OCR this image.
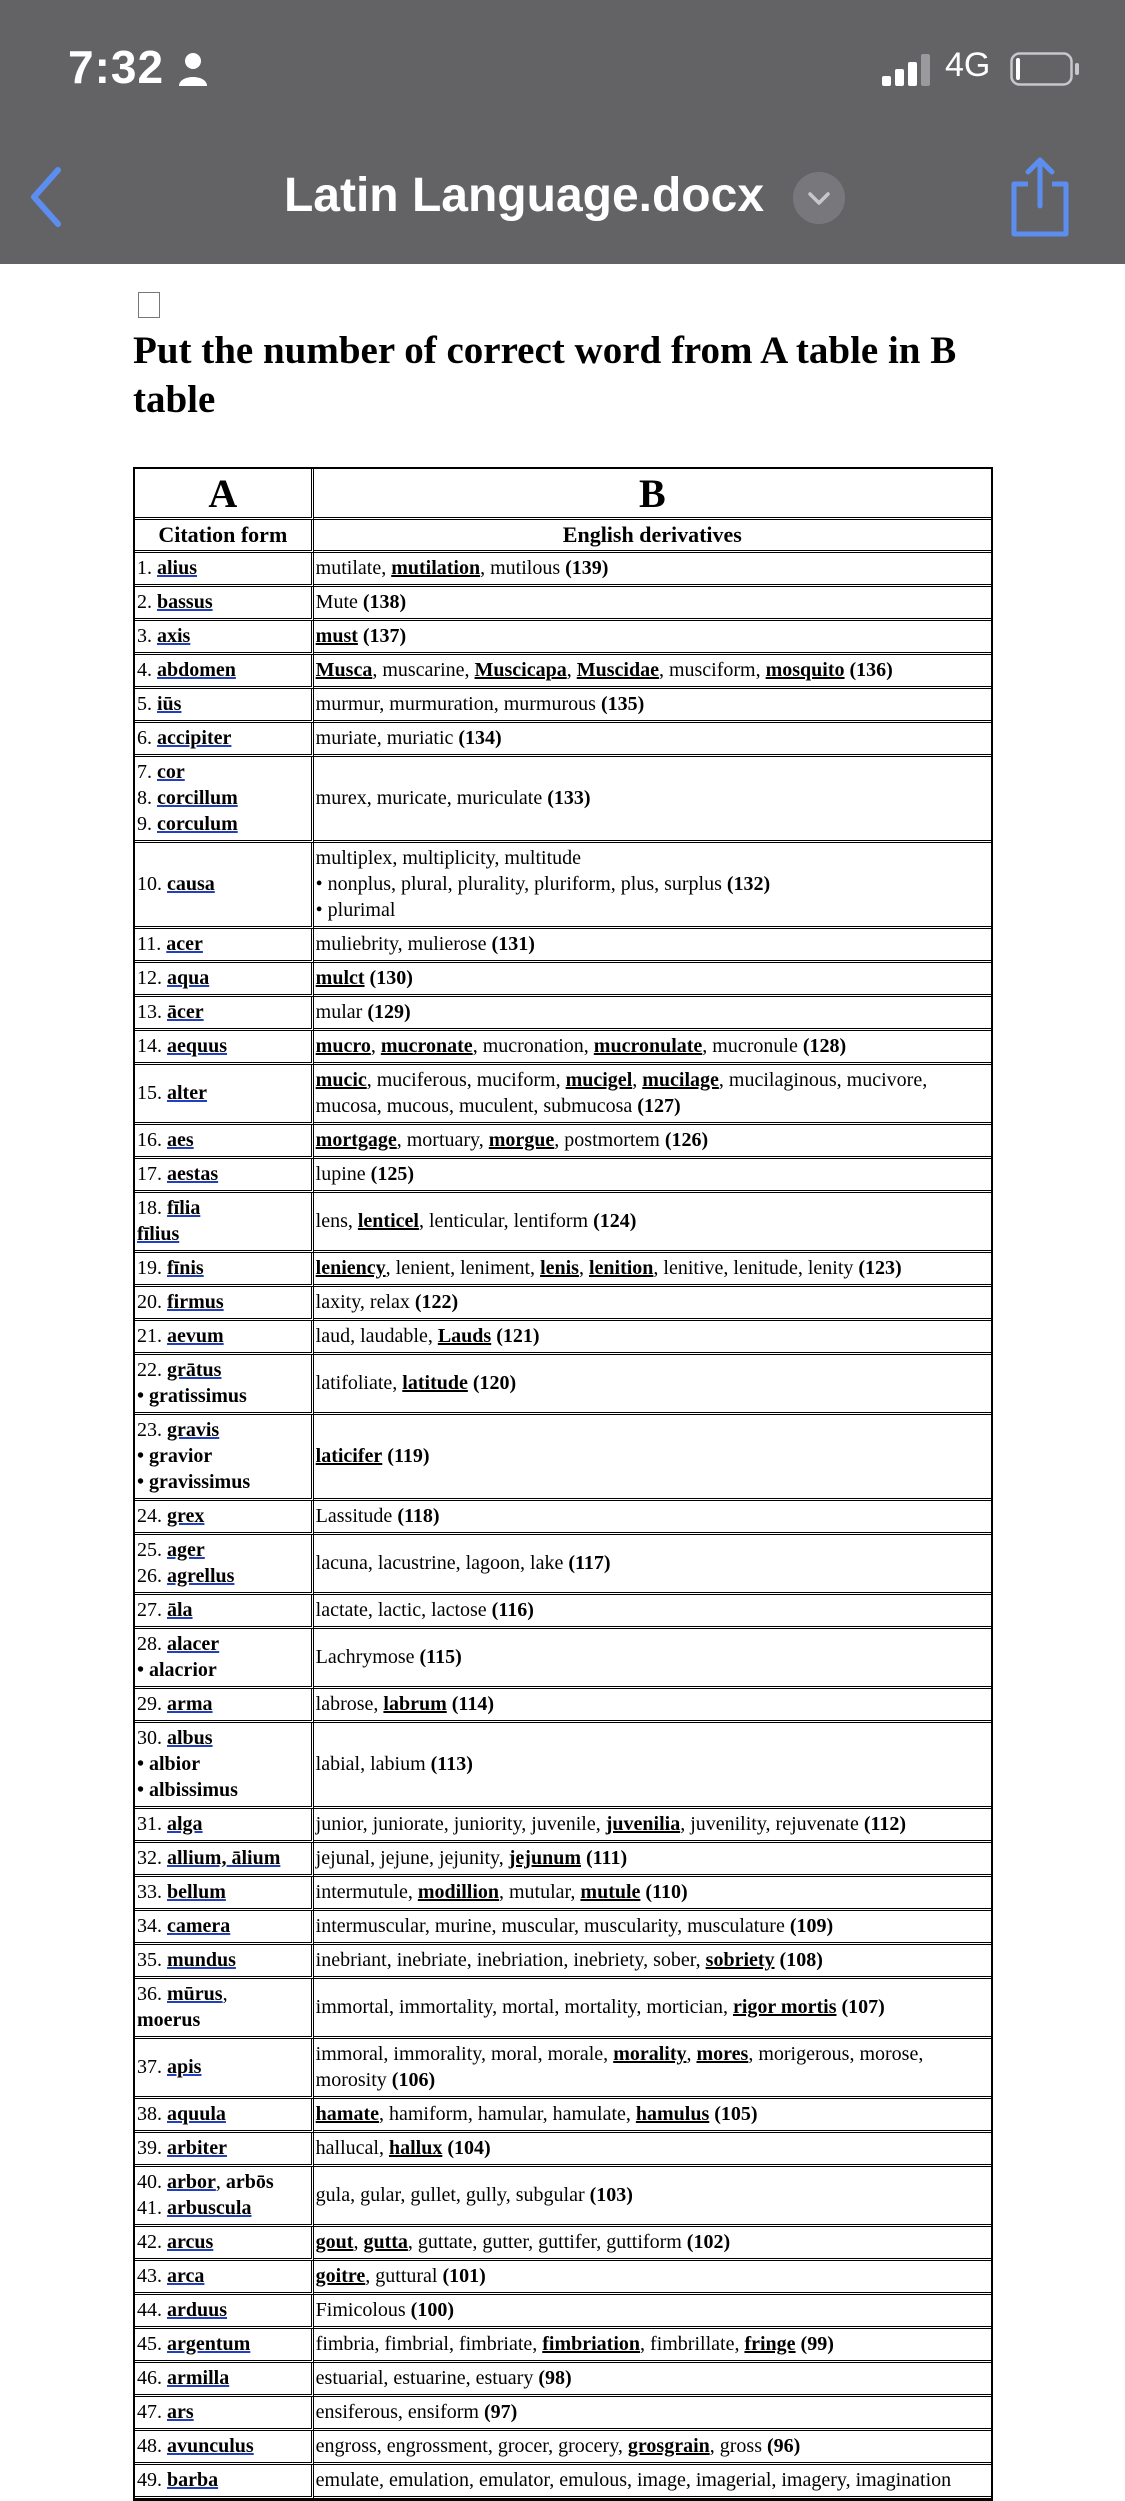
7:32	4G
Latin Language.docx
Put the number of correct word from A table in B table
A	B
Citation form	English derivatives
1. alius	mutilate, mutilation, mutilous (139)
2. bassus	Mute (138)
3. axis	must (137)
4. abdomen	Musca, muscarine, Muscicapa, Muscidae, musciform, mosquito (136)
5. iūs	murmur, murmuration, murmurous (135)
6. accipiter	muriate, muriatic (134)
7. cor
8. corcillum
9. corculum	murex, muricate, muriculate (133)
10. causa	multiplex, multiplicity, multitude
• nonplus, plural, plurality, pluriform, plus, surplus (132)
• plurimal
11. acer	muliebrity, mulierose (131)
12. aqua	mulct (130)
13. ācer	mular (129)
14. aequus	mucro, mucronate, mucronation, mucronulate, mucronule (128)
15. alter	mucic, muciferous, muciform, mucigel, mucilage, mucilaginous, mucivore, mucosa, mucous, muculent, submucosa (127)
16. aes	mortgage, mortuary, morgue, postmortem (126)
17. aestas	lupine (125)
18. fīlia
fīlius	lens, lenticel, lenticular, lentiform (124)
19. fīnis	leniency, lenient, leniment, lenis, lenition, lenitive, lenitude, lenity (123)
20. firmus	laxity, relax (122)
21. aevum	laud, laudable, Lauds (121)
22. grātus
• gratissimus	latifoliate, latitude (120)
23. gravis
• gravior
• gravissimus	laticifer (119)
24. grex	Lassitude (118)
25. ager
26. agrellus	lacuna, lacustrine, lagoon, lake (117)
27. āla	lactate, lactic, lactose (116)
28. alacer
• alacrior	Lachrymose (115)
29. arma	labrose, labrum (114)
30. albus
• albior
• albissimus	labial, labium (113)
31. alga	junior, juniorate, juniority, juvenile, juvenilia, juvenility, rejuvenate (112)
32. allium, ālium	jejunal, jejune, jejunity, jejunum (111)
33. bellum	intermutule, modillion, mutular, mutule (110)
34. camera	intermuscular, murine, muscular, muscularity, musculature (109)
35. mundus	inebriant, inebriate, inebriation, inebriety, sober, sobriety (108)
36. mūrus,
moerus	immortal, immortality, mortal, mortality, mortician, rigor mortis (107)
37. apis	immoral, immorality, moral, morale, morality, mores, morigerous, morose, morosity (106)
38. aquula	hamate, hamiform, hamular, hamulate, hamulus (105)
39. arbiter	hallucal, hallux (104)
40. arbor, arbōs
41. arbuscula	gula, gular, gullet, gully, subgular (103)
42. arcus	gout, gutta, guttate, gutter, guttifer, guttiform (102)
43. arca	goitre, guttural (101)
44. arduus	Fimicolous (100)
45. argentum	fimbria, fimbrial, fimbriate, fimbriation, fimbrillate, fringe (99)
46. armilla	estuarial, estuarine, estuary (98)
47. ars	ensiferous, ensiform (97)
48. avunculus	engross, engrossment, grocer, grocery, grosgrain, gross (96)
49. barba	emulate, emulation, emulator, emulous, image, imagerial, imagery, imagination
